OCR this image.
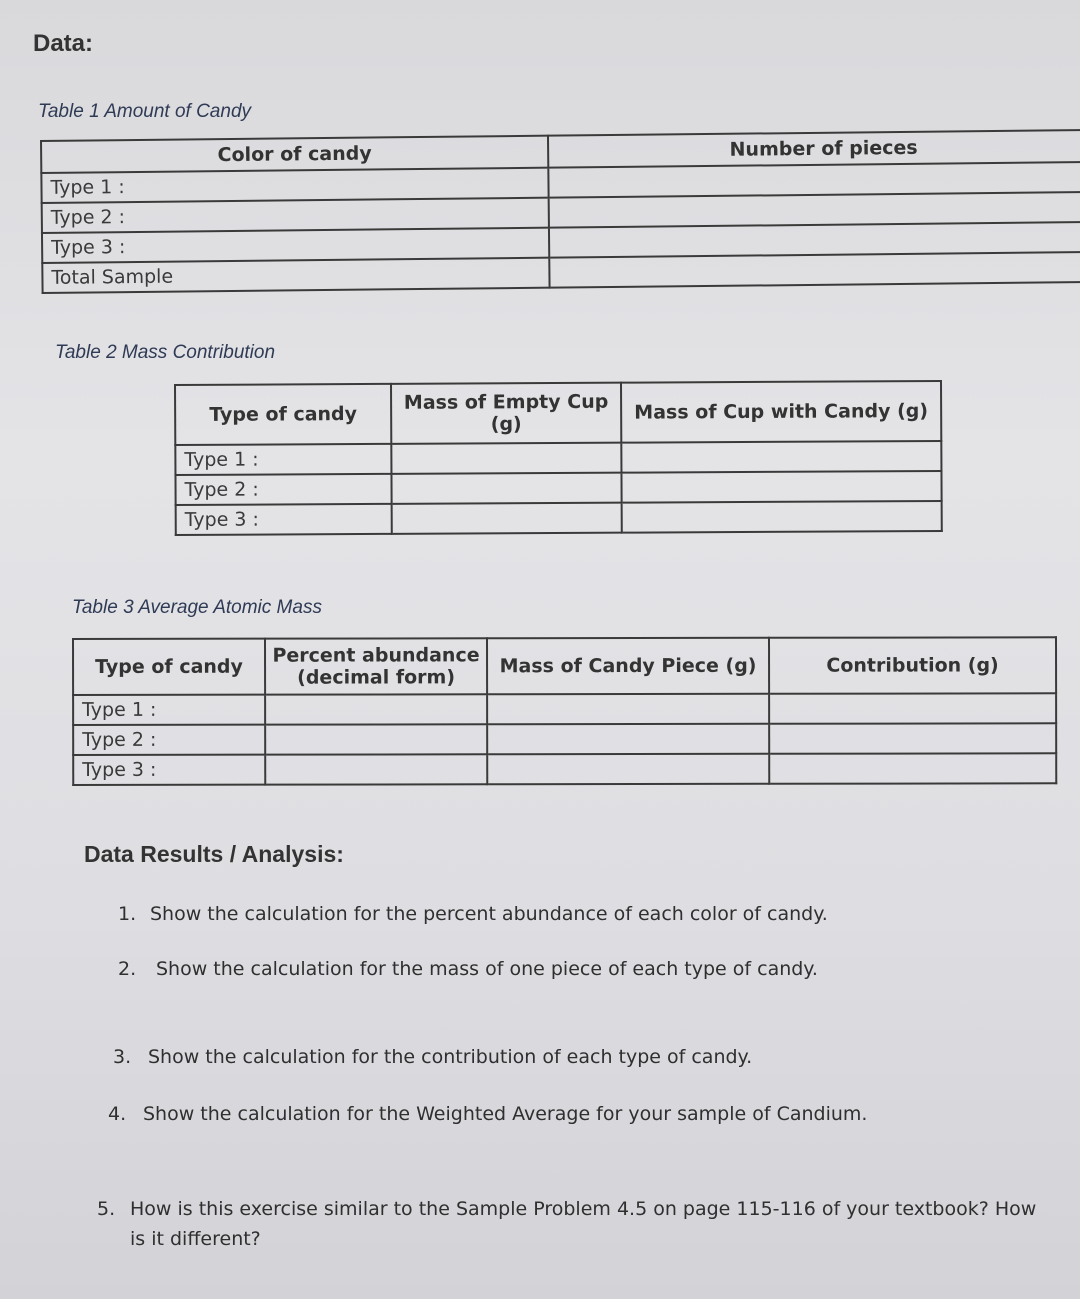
Data:
Table 1 Amount of Candy
Color of candy	Number of pieces
Type 1 :	
Type 2 :	
Type 3 :	
Total Sample	
Table 2 Mass Contribution
Type of candy	Mass of Empty Cup (g)	Mass of Cup with Candy (g)
Type 1 :		
Type 2 :		
Type 3 :		
Table 3 Average Atomic Mass
Type of candy	Percent abundance (decimal form)	Mass of Candy Piece (g)	Contribution (g)
Type 1 :			
Type 2 :			
Type 3 :			
Data Results / Analysis:
1. Show the calculation for the percent abundance of each color of candy.
2. Show the calculation for the mass of one piece of each type of candy.
3. Show the calculation for the contribution of each type of candy.
4. Show the calculation for the Weighted Average for your sample of Candium.
5. How is this exercise similar to the Sample Problem 4.5 on page 115-116 of your textbook? How is it different?
